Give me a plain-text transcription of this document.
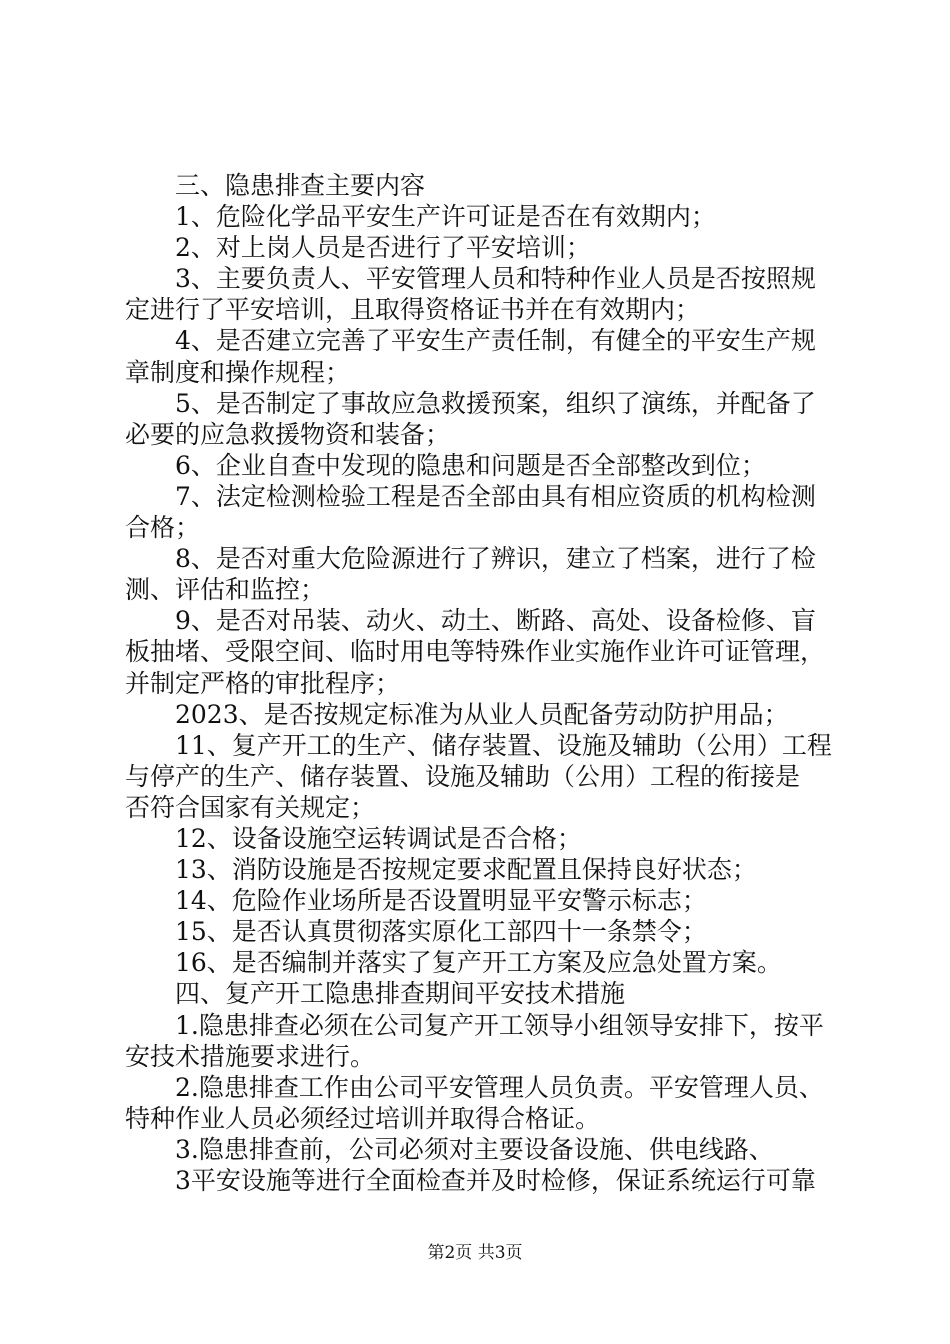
三、隐患排查主要内容
1、危险化学品平安生产许可证是否在有效期内；
2、对上岗人员是否进行了平安培训；
3、主要负责人、平安管理人员和特种作业人员是否按照规
定进行了平安培训，且取得资格证书并在有效期内；
4、是否建立完善了平安生产责任制，有健全的平安生产规
章制度和操作规程；
5、是否制定了事故应急救援预案，组织了演练，并配备了
必要的应急救援物资和装备；
6、企业自查中发现的隐患和问题是否全部整改到位；
7、法定检测检验工程是否全部由具有相应资质的机构检测
合格；
8、是否对重大危险源进行了辨识，建立了档案，进行了检
测、评估和监控；
9、是否对吊装、动火、动土、断路、高处、设备检修、盲
板抽堵、受限空间、临时用电等特殊作业实施作业许可证管理，
并制定严格的审批程序；
2023、是否按规定标准为从业人员配备劳动防护用品；
11、复产开工的生产、储存装置、设施及辅助（公用）工程
与停产的生产、储存装置、设施及辅助（公用）工程的衔接是
否符合国家有关规定；
12、设备设施空运转调试是否合格；
13、消防设施是否按规定要求配置且保持良好状态；
14、危险作业场所是否设置明显平安警示标志；
15、是否认真贯彻落实原化工部四十一条禁令；
16、是否编制并落实了复产开工方案及应急处置方案。
四、复产开工隐患排查期间平安技术措施
1.隐患排查必须在公司复产开工领导小组领导安排下，按平
安技术措施要求进行。
2.隐患排查工作由公司平安管理人员负责。平安管理人员、
特种作业人员必须经过培训并取得合格证。
3.隐患排查前，公司必须对主要设备设施、供电线路、
3平安设施等进行全面检查并及时检修，保证系统运行可靠
第2页 共3页
